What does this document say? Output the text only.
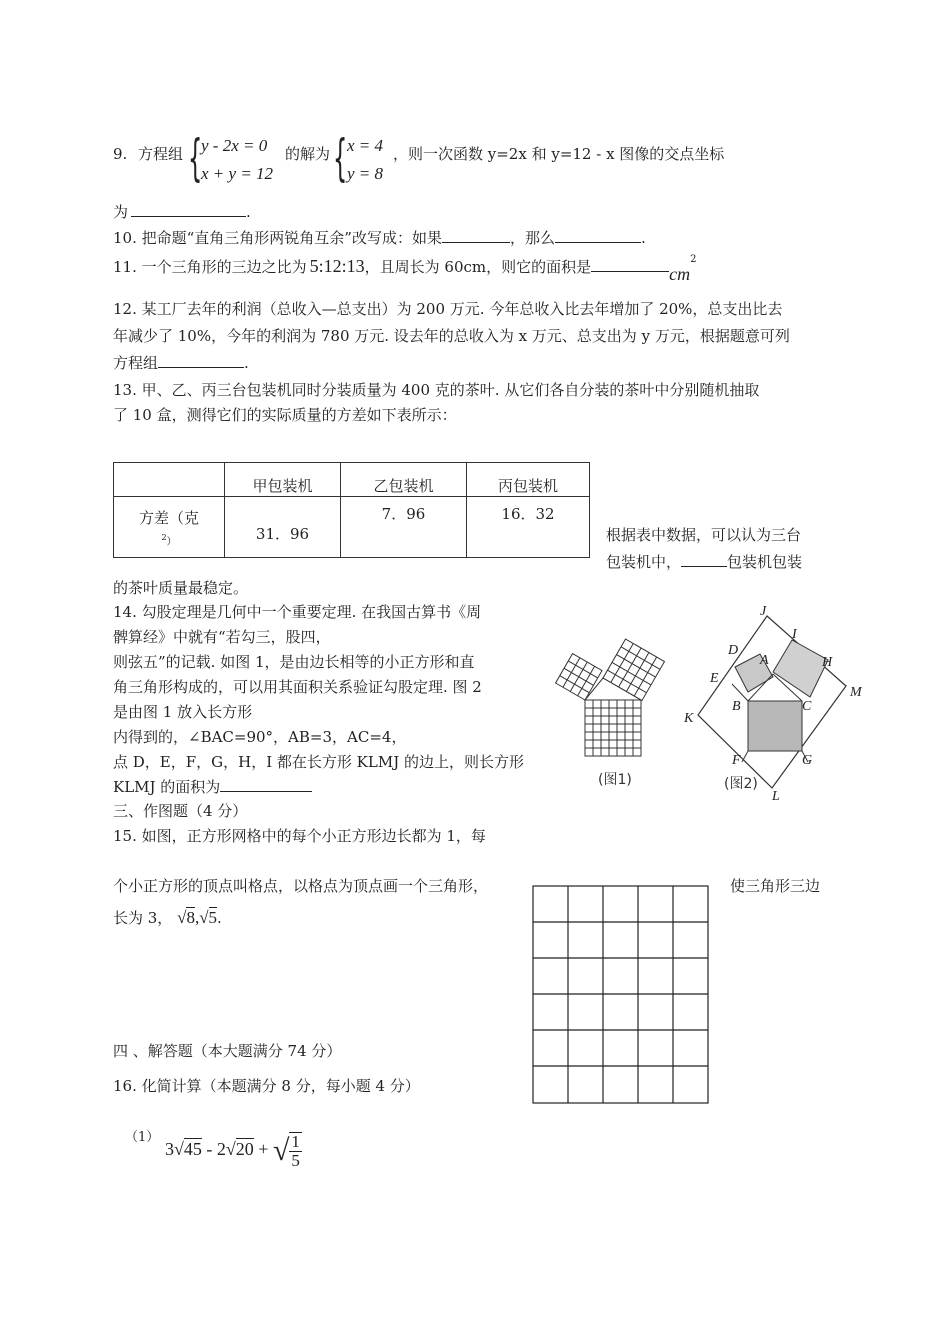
9. 方程组 {
y - 2x = 0
x + y = 12
的解为 { x = 4
y = 8
，则一次函数 y=2x 和 y=12 - x 图像的交点坐标
为	.
10. 把命题“直角三角形两锐角互余”改写成：如果	，那么	.
11. 一个三角形的三边之比为 5:12:13，且周长为 60cm，则它的面积是	$cm^2$
12. 某工厂去年的利润（总收入—总支出）为 200 万元. 今年总收入比去年增加了 20%，总支出比去
年减少了 10%，今年的利润为 780 万元. 设去年的总收入为 x 万元、总支出为 y 万元，根据题意可列
方程组	.
13. 甲、乙、丙三台包装机同时分装质量为 400 克的茶叶. 从它们各自分装的茶叶中分别随机抽取
了 10 盒，测得它们的实际质量的方差如下表所示：
	甲包装机	乙包装机	丙包装机

方差（克
$^2$）	31．96	7．96	16．32
根据表中数据，可以认为三台
包装机中，	包装机包装
的茶叶质量最稳定。
14. 勾股定理是几何中一个重要定理. 在我国古算书《周
髀算经》中就有“若勾三，股四，
则弦五”的记载. 如图 1，是由边长相等的小正方形和直
角三角形构成的，可以用其面积关系验证勾股定理. 图 2
是由图 1 放入长方形
内得到的，∠BAC=90°，AB=3，AC=4，
点 D，E，F，G，H，I 都在长方形 KLMJ 的边上，则长方形
KLMJ 的面积为	(图1)
J
I
D
A	H
E
M
B	C
K
F	G
L
(图2)
三、作图题（4 分）
15. 如图，正方形网格中的每个小正方形边长都为 1，每
个小正方形的顶点叫格点，以格点为顶点画一个三角形，	使三角形三边
长为 3， √8,√5.
四 、解答题（本大题满分 74 分）
16. 化简计算（本题满分 8 分，每小题 4 分）
（1）
3√45 - 2√20 + √ $\frac{1}{5}$
